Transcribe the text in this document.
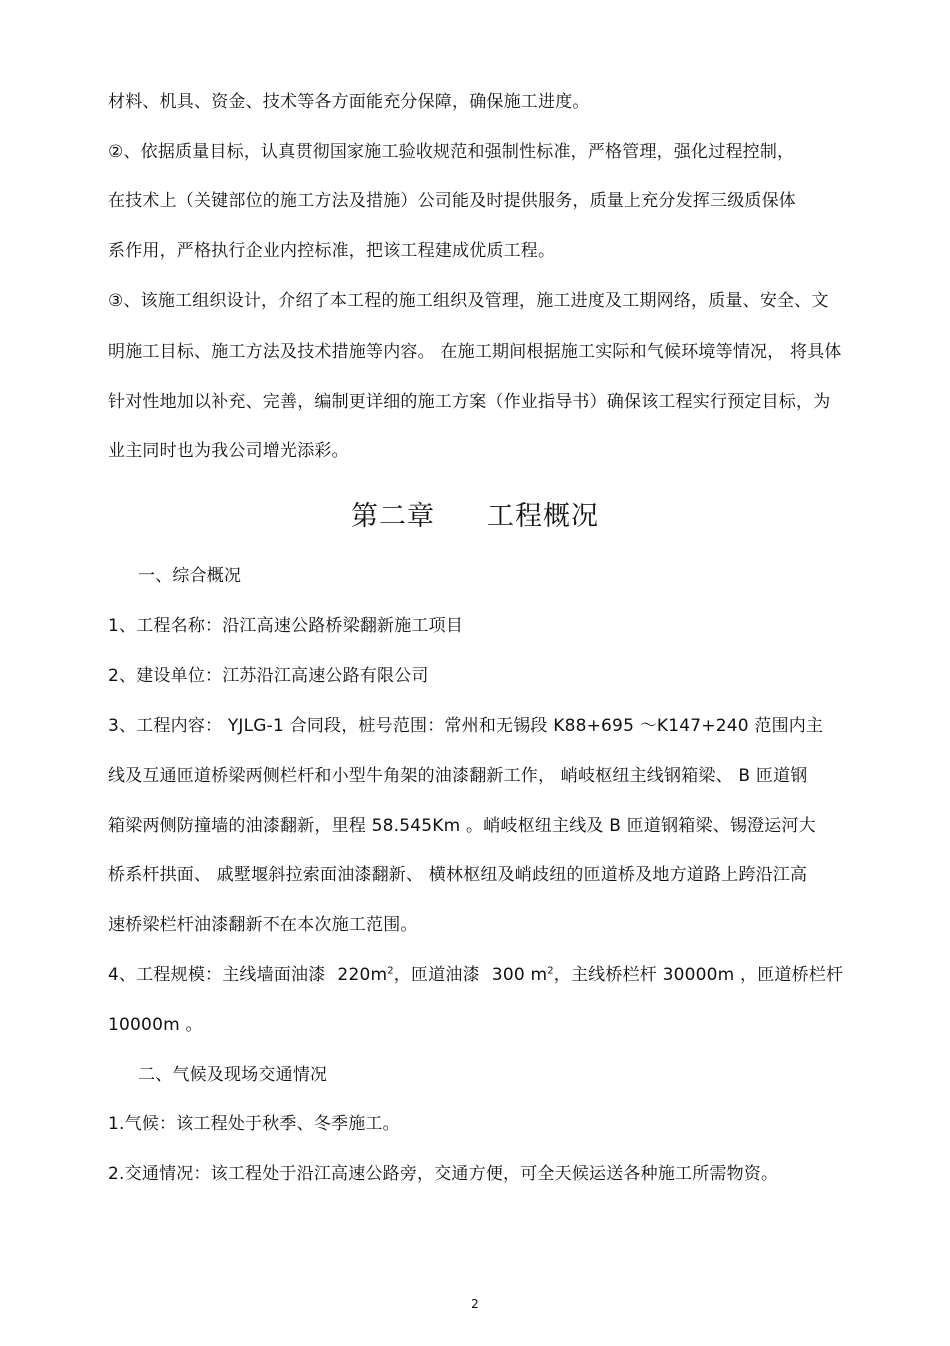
材料、机具、资金、技术等各方面能充分保障，确保施工进度。
②、依据质量目标，认真贯彻国家施工验收规范和强制性标准，严格管理，强化过程控制，
在技术上（关键部位的施工方法及措施）公司能及时提供服务，质量上充分发挥三级质保体
系作用，严格执行企业内控标准，把该工程建成优质工程。
③、该施工组织设计，介绍了本工程的施工组织及管理，施工进度及工期网络，质量、安全、文
明施工目标、施工方法及技术措施等内容。 在施工期间根据施工实际和气候环境等情况， 将具体
针对性地加以补充、完善，编制更详细的施工方案（作业指导书）确保该工程实行预定目标，为
业主同时也为我公司增光添彩。
第二章 工程概况
一、综合概况
1、工程名称：沿江高速公路桥梁翻新施工项目
2、建设单位：江苏沿江高速公路有限公司
3、工程内容： YJLG-1 合同段，桩号范围：常州和无锡段 K88+695 ～K147+240 范围内主
线及互通匝道桥梁两侧栏杆和小型牛角架的油漆翻新工作， 峭岐枢纽主线钢箱梁、 B 匝道钢
箱梁两侧防撞墙的油漆翻新，里程 58.545Km 。峭岐枢纽主线及 B 匝道钢箱梁、锡澄运河大
桥系杆拱面、 戚墅堰斜拉索面油漆翻新、 横林枢纽及峭歧纽的匝道桥及地方道路上跨沿江高
速桥梁栏杆油漆翻新不在本次施工范围。
4、工程规模：主线墙面油漆 $220m^2$，匝道油漆 300 $m^2$，主线桥栏杆 30000m ，匝道桥栏杆
10000m 。
二、气候及现场交通情况
1.气候：该工程处于秋季、冬季施工。
2.交通情况：该工程处于沿江高速公路旁，交通方便，可全天候运送各种施工所需物资。
2
